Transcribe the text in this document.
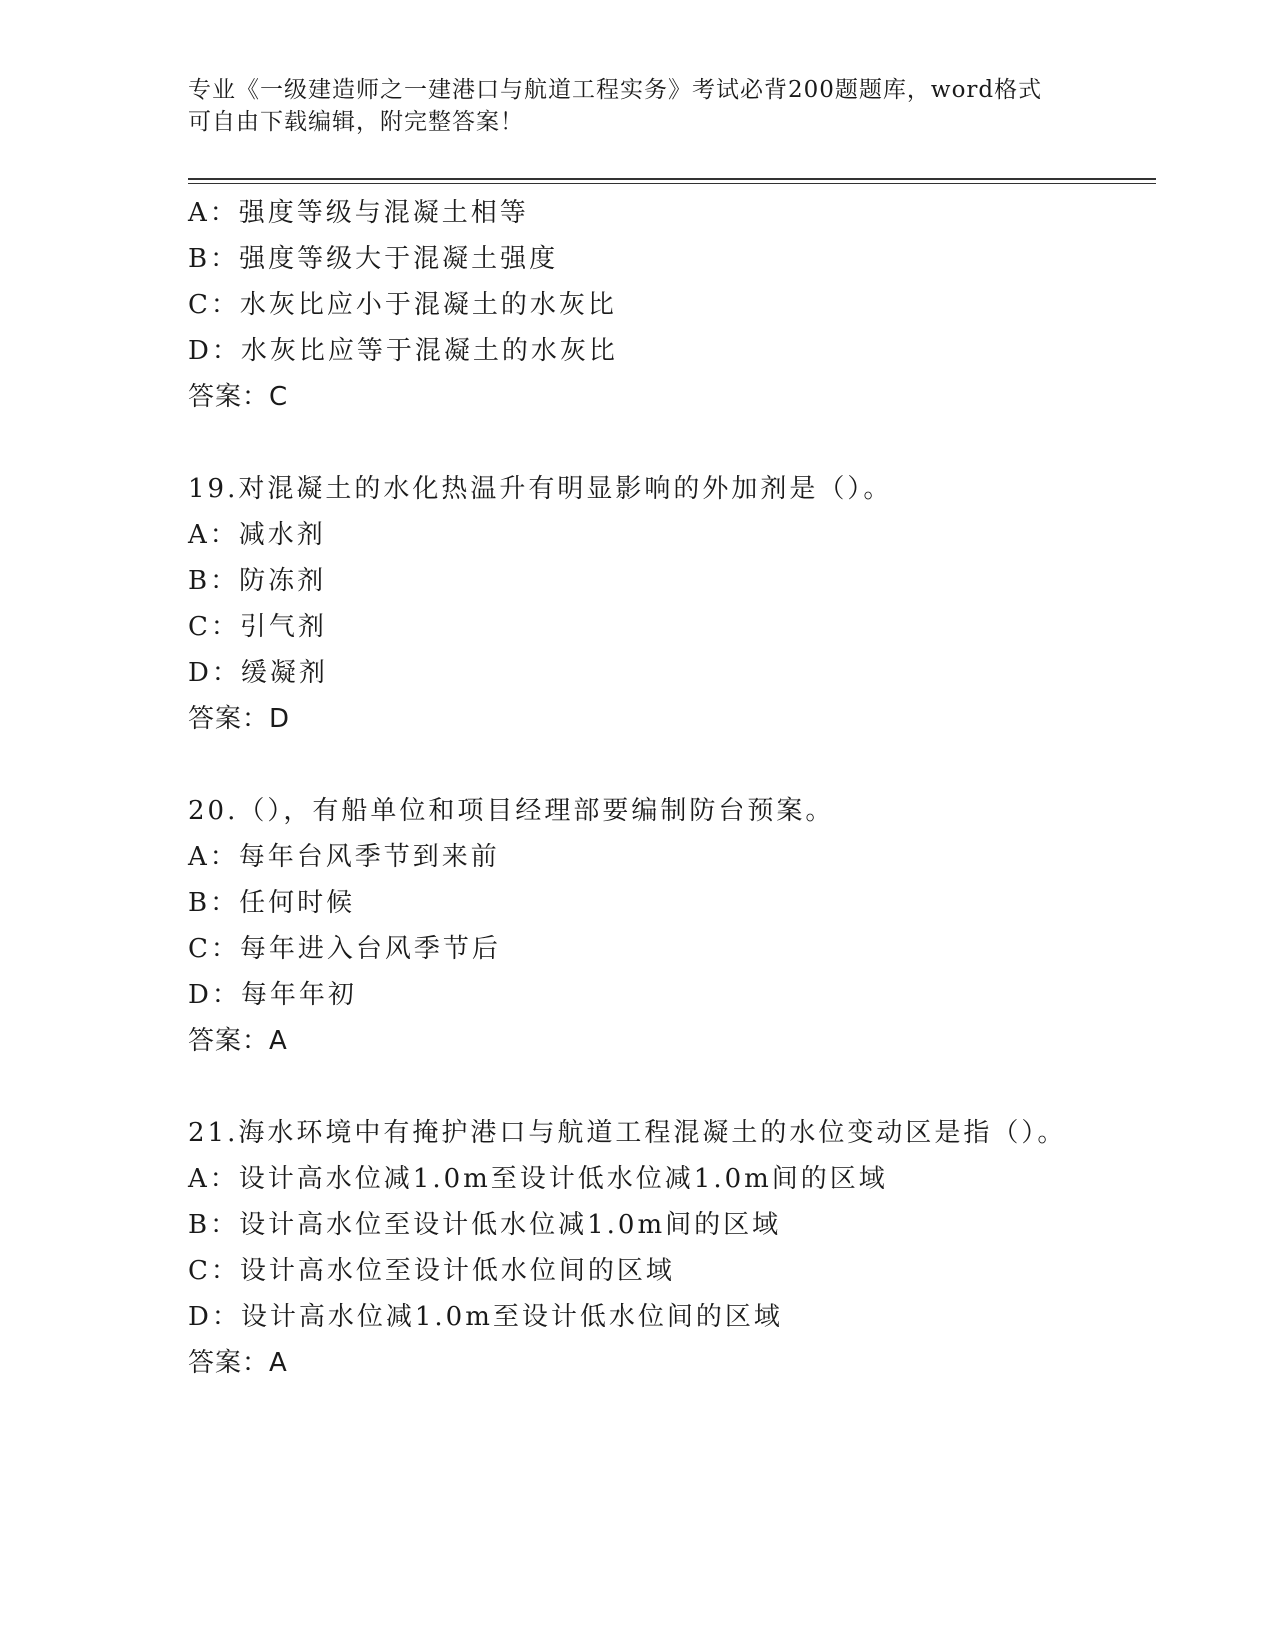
专业《一级建造师之一建港口与航道工程实务》考试必背200题题库，word格式
可自由下载编辑，附完整答案！
A：强度等级与混凝土相等
B：强度等级大于混凝土强度
C：水灰比应小于混凝土的水灰比
D：水灰比应等于混凝土的水灰比
答案：C
19.对混凝土的水化热温升有明显影响的外加剂是（）。
A：减水剂
B：防冻剂
C：引气剂
D：缓凝剂
答案：D
20.（），有船单位和项目经理部要编制防台预案。
A：每年台风季节到来前
B：任何时候
C：每年进入台风季节后
D：每年年初
答案：A
21.海水环境中有掩护港口与航道工程混凝土的水位变动区是指（）。
A：设计高水位减1.0m至设计低水位减1.0m间的区域
B：设计高水位至设计低水位减1.0m间的区域
C：设计高水位至设计低水位间的区域
D：设计高水位减1.0m至设计低水位间的区域
答案：A
